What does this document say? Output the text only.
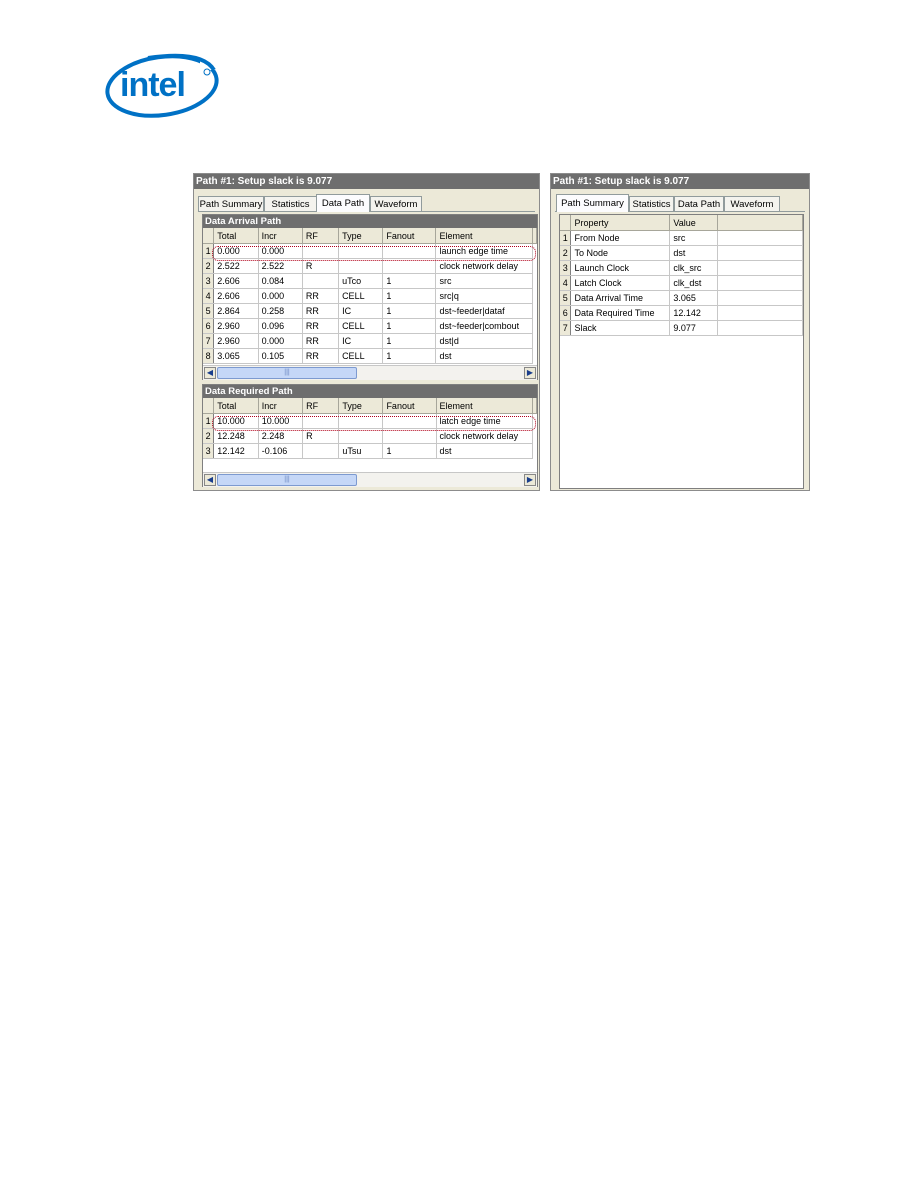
intel
Path #1: Setup slack is 9.077
Path Summary Statistics	Data Path	Waveform
Data Arrival Path
	Total	Incr	RF	Type	Fanout	Element	
1	0.000	0.000				launch edge time	
2	2.522	2.522	R			clock network delay	
3	2.606	0.084		uTco	1	src	
4	2.606	0.000	RR	CELL	1	src|q	
5	2.864	0.258	RR	IC	1	dst~feeder|dataf	
6	2.960	0.096	RR	CELL	1	dst~feeder|combout	
7	2.960	0.000	RR	IC	1	dst|d	
8	3.065	0.105	RR	CELL	1	dst	
◀	|||	▶
Data Required Path
	Total	Incr	RF	Type	Fanout	Element	
1	10.000	10.000				latch edge time	
2	12.248	2.248	R			clock network delay	
3	12.142	-0.106		uTsu	1	dst	
◀	|||	▶
Path #1: Setup slack is 9.077
Path Summary Statistics Data Path	Waveform
	Property	Value	
1	From Node	src	
2	To Node	dst	
3	Launch Clock	clk_src	
4	Latch Clock	clk_dst	
5	Data Arrival Time	3.065	
6	Data Required Time	12.142	
7	Slack	9.077	
